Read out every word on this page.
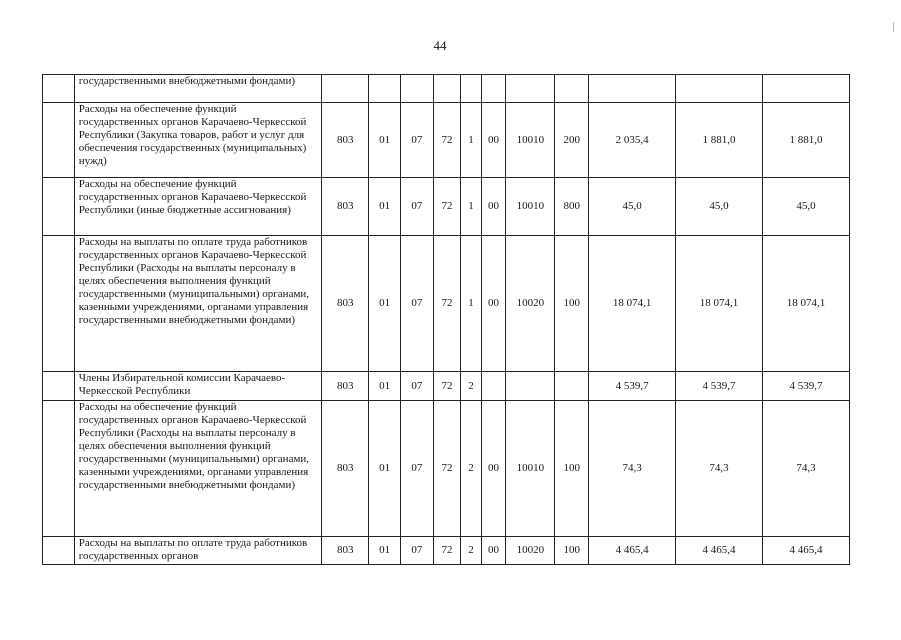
44
	государственными внебюджетными фондами)											
	Расходы на обеспечение функций государственных органов Карачаево-Черкесской Республики (Закупка товаров, работ и услуг для обеспечения государственных (муниципальных) нужд)	803	01	07	72	1	00	10010	200	2 035,4	1 881,0	1 881,0
	Расходы на обеспечение функций государственных органов Карачаево-Черкесской Республики (иные бюджетные ассигнования)	803	01	07	72	1	00	10010	800	45,0	45,0	45,0
	Расходы на выплаты по оплате труда работников государственных органов Карачаево-Черкесской Республики (Расходы на выплаты персоналу в целях обеспечения выполнения функций государственными (муниципальными) органами, казенными учреждениями, органами управления государственными внебюджетными фондами)	803	01	07	72	1	00	10020	100	18 074,1	18 074,1	18 074,1
	Члены Избирательной комиссии Карачаево-Черкесской Республики	803	01	07	72	2				4 539,7	4 539,7	4 539,7
	Расходы на обеспечение функций государственных органов Карачаево-Черкесской Республики (Расходы на выплаты персоналу в целях обеспечения выполнения функций государственными (муниципальными) органами, казенными учреждениями, органами управления государственными внебюджетными фондами)	803	01	07	72	2	00	10010	100	74,3	74,3	74,3
	Расходы на выплаты по оплате труда работников государственных органов	803	01	07	72	2	00	10020	100	4 465,4	4 465,4	4 465,4
